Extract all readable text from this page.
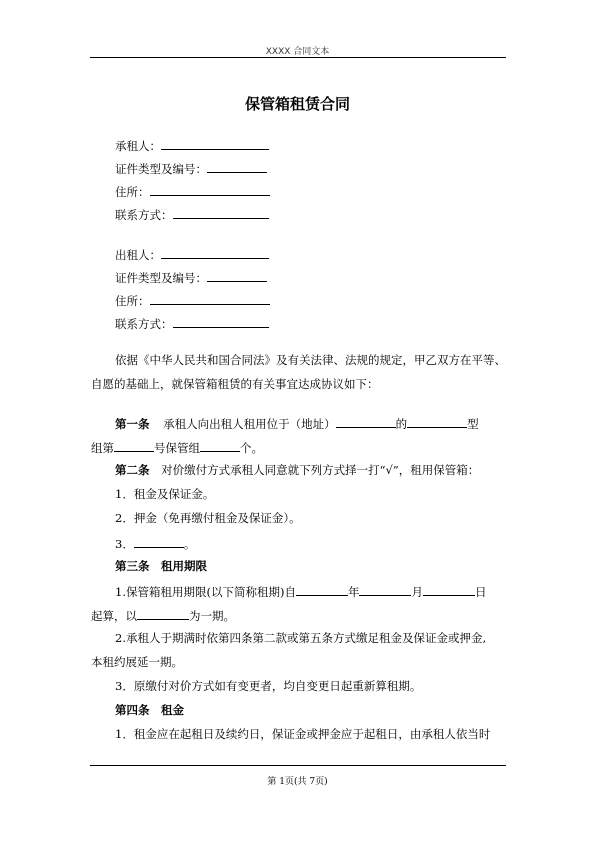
XXXX 合同文本
保管箱租赁合同
承租人：
证件类型及编号：
住所：
联系方式：
出租人：
证件类型及编号：
住所：
联系方式：
依据《中华人民共和国合同法》及有关法律、法规的规定，甲乙双方在平等、
自愿的基础上，就保管箱租赁的有关事宜达成协议如下：
第一条 承租人向出租人租用位于（地址）	的	型
组第	号保管组	个。
第二条 对价缴付方式承租人同意就下列方式择一打“√”，租用保管箱：
1．租金及保证金。
2．押金（免再缴付租金及保证金）。
3．	。
第三条　租用期限
1.保管箱租用期限(以下简称租期)自	年	月	日
起算，以	为一期。
2.承租人于期满时依第四条第二款或第五条方式缴足租金及保证金或押金,
本租约展延一期。
3．原缴付对价方式如有变更者，均自变更日起重新算租期。
第四条　租金
1．租金应在起租日及续约日，保证金或押金应于起租日，由承租人依当时
第 1页(共 7页)
